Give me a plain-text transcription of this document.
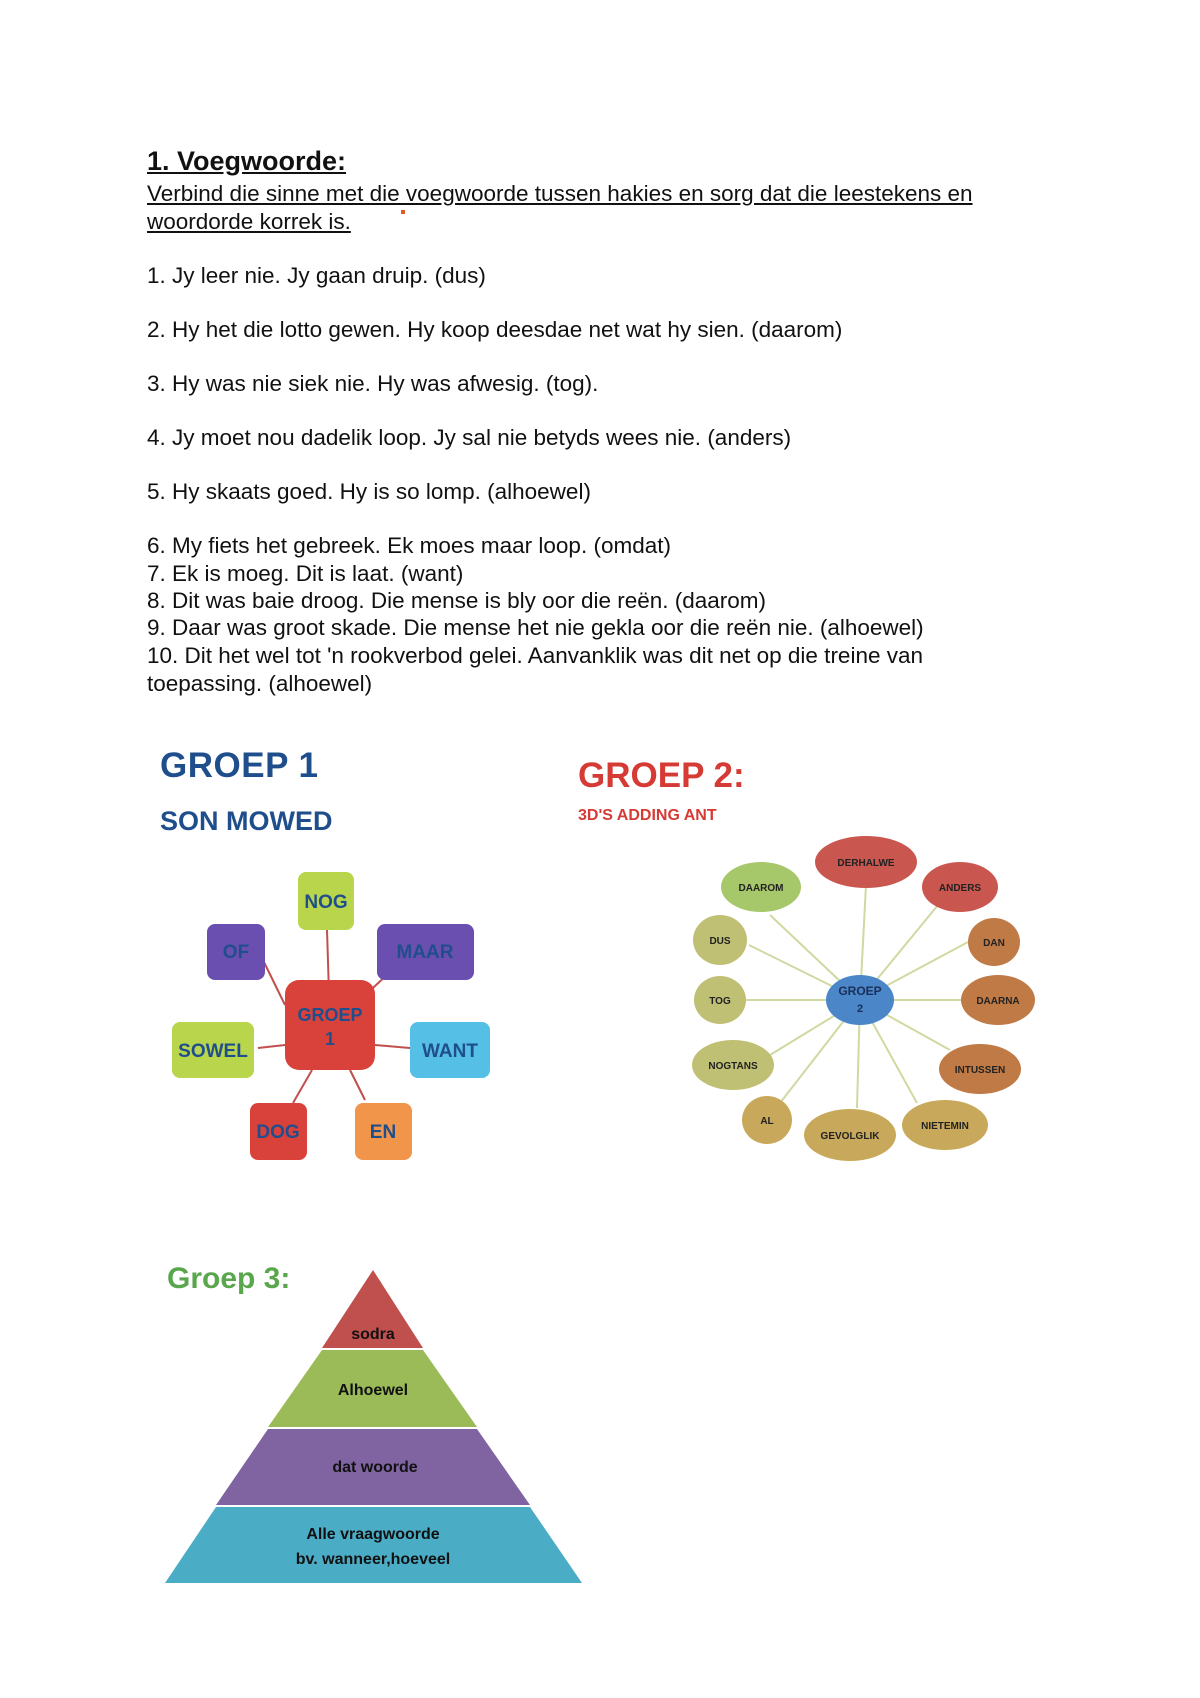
1. Voegwoorde:
Verbind die sinne met die voegwoorde tussen hakies en sorg dat die leestekens en woordorde korrek is.
1. Jy leer nie. Jy gaan druip. (dus)
2. Hy het die lotto gewen. Hy koop deesdae net wat hy sien. (daarom)
3. Hy was nie siek nie. Hy was afwesig. (tog).
4. Jy moet nou dadelik loop. Jy sal nie betyds wees nie. (anders)
5. Hy skaats goed. Hy is so lomp. (alhoewel)
6. My fiets het gebreek. Ek moes maar loop. (omdat)
7. Ek is moeg. Dit is laat. (want)
8. Dit was baie droog. Die mense is bly oor die reën. (daarom)
9. Daar was groot skade. Die mense het nie gekla oor die reën nie. (alhoewel)
10. Dit het wel tot 'n rookverbod gelei. Aanvanklik was dit net op die treine van toepassing. (alhoewel)
GROEP 1
SON MOWED
GROEP 2:
3D'S ADDING ANT
Groep 3:
GROEP
1
NOG
MAAR
WANT
EN
DOG
SOWEL
OF
GROEP
2
DERHALWE
ANDERS
DAN
DAARNA
INTUSSEN
NIETEMIN
GEVOLGLIK
AL
NOGTANS
TOG
DUS
DAAROM
sodra
Alhoewel
dat woorde
Alle vraagwoorde
bv. wanneer,hoeveel
